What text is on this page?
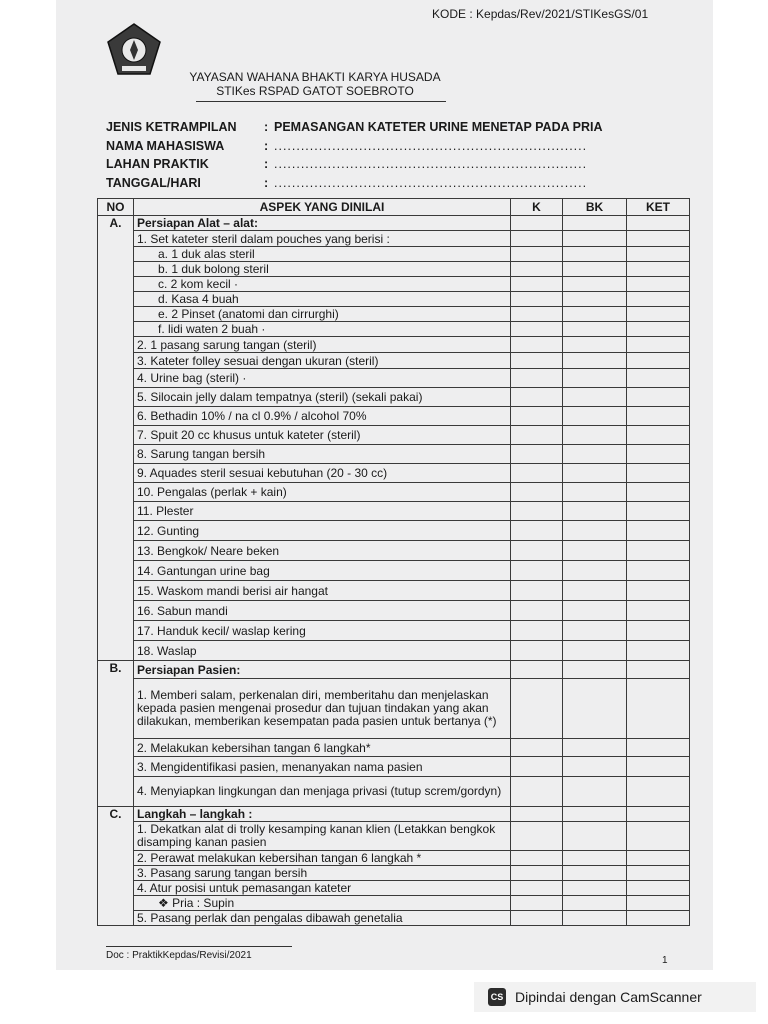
KODE : Kepdas/Rev/2021/STIKesGS/01
YAYASAN WAHANA BHAKTI KARYA HUSADA
STIKes RSPAD GATOT SOEBROTO
JENIS KETRAMPILAN	: PEMASANGAN KATETER URINE MENETAP PADA PRIA
NAMA MAHASISWA	: ......................................................................
LAHAN PRAKTIK	: ......................................................................
TANGGAL/HARI	: ......................................................................
NO	ASPEK YANG DINILAI	K	BK	KET
A.	Persiapan Alat – alat:			
	1. Set kateter steril dalam pouches yang berisi :			
	a. 1 duk alas steril			
	b. 1 duk bolong steril			
	c. 2 kom kecil ·			
	d. Kasa 4 buah			
	e. 2 Pinset (anatomi dan cirrurghi)			
	f. lidi waten 2 buah ·			
	2. 1 pasang sarung tangan (steril)			
	3. Kateter folley sesuai dengan ukuran (steril)			
	4. Urine bag (steril) ·			
	5. Silocain jelly dalam tempatnya (steril) (sekali pakai)			
	6. Bethadin 10% / na cl 0.9% / alcohol 70%			
	7. Spuit 20 cc khusus untuk kateter (steril)			
	8. Sarung tangan bersih			
	9. Aquades steril sesuai kebutuhan (20 - 30 cc)			
	10. Pengalas (perlak + kain)			
	11. Plester			
	12. Gunting			
	13. Bengkok/ Neare beken			
	14. Gantungan urine bag			
	15. Waskom mandi berisi air hangat			
	16. Sabun mandi			
	17. Handuk kecil/ waslap kering			
	18. Waslap			
B.	Persiapan Pasien:			
	1. Memberi salam, perkenalan diri, memberitahu dan menjelaskan kepada pasien mengenai prosedur dan tujuan tindakan yang akan dilakukan, memberikan kesempatan pada pasien untuk bertanya (*)			
	2. Melakukan kebersihan tangan 6 langkah*			
	3. Mengidentifikasi pasien, menanyakan nama pasien			
	4. Menyiapkan lingkungan dan menjaga privasi (tutup screm/gordyn)			
C.	Langkah – langkah :			
	1. Dekatkan alat di trolly kesamping kanan klien (Letakkan bengkok disamping kanan pasien			
	2. Perawat melakukan kebersihan tangan 6 langkah *			
	3. Pasang sarung tangan bersih			
	4. Atur posisi untuk pemasangan kateter			
	❖ Pria : Supin			
	5. Pasang perlak dan pengalas dibawah genetalia			
Doc : PraktikKepdas/Revisi/2021	1
CS Dipindai dengan CamScanner
